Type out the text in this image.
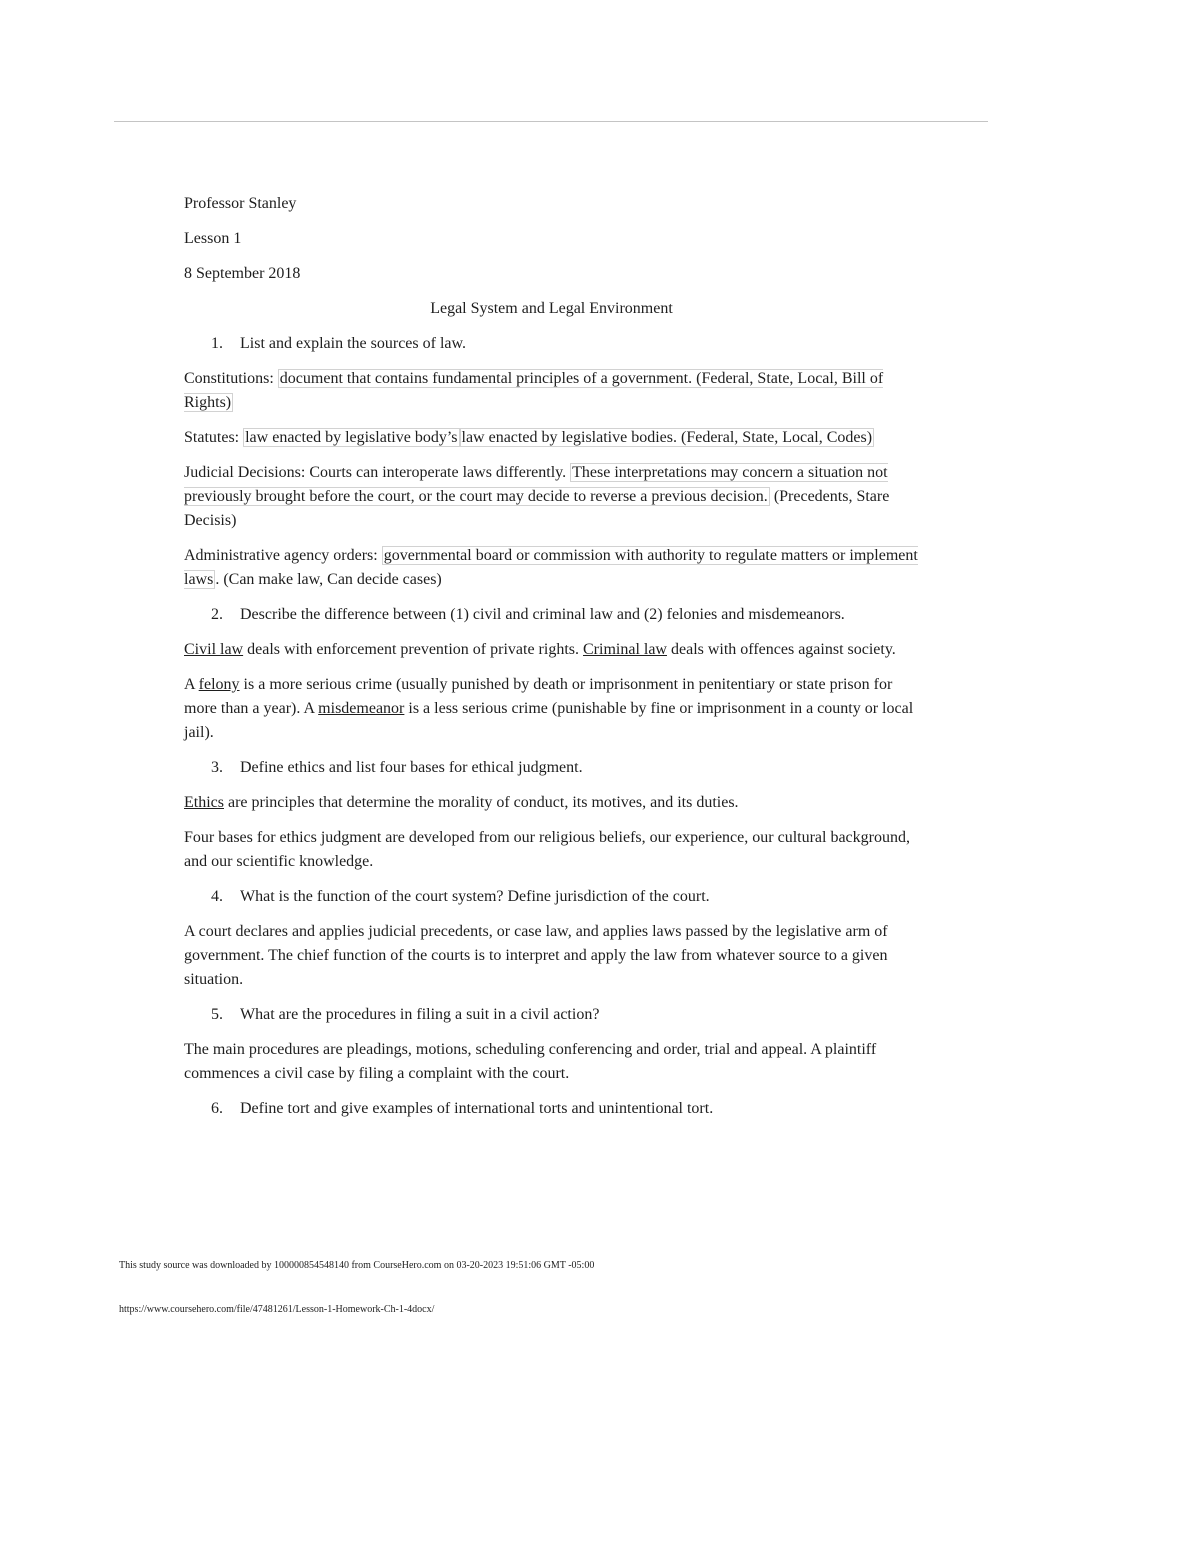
Professor Stanley

Lesson 1

8 September 2018

Legal System and Legal Environment

1.	List and explain the sources of law.

Constitutions: document that contains fundamental principles of a government. (Federal, State, Local, Bill of Rights)

Statutes: law enacted by legislative body’s law enacted by legislative bodies. (Federal, State, Local, Codes)

Judicial Decisions: Courts can interoperate laws differently. These interpretations may concern a situation not previously brought before the court, or the court may decide to reverse a previous decision. (Precedents, Stare Decisis)

Administrative agency orders: governmental board or commission with authority to regulate matters or implement laws . (Can make law, Can decide cases)

2.	Describe the difference between (1) civil and criminal law and (2) felonies and misdemeanors.

Civil law deals with enforcement prevention of private rights. Criminal law deals with offences against society.

A felony is a more serious crime (usually punished by death or imprisonment in penitentiary or state prison for more than a year). A misdemeanor is a less serious crime (punishable by fine or imprisonment in a county or local jail).

3.	Define ethics and list four bases for ethical judgment.

Ethics are principles that determine the morality of conduct, its motives, and its duties.

Four bases for ethics judgment are developed from our religious beliefs, our experience, our cultural background, and our scientific knowledge.

4.	What is the function of the court system? Define jurisdiction of the court.

A court declares and applies judicial precedents, or case law, and applies laws passed by the legislative arm of government. The chief function of the courts is to interpret and apply the law from whatever source to a given situation.

5.	What are the procedures in filing a suit in a civil action?

The main procedures are pleadings, motions, scheduling conferencing and order, trial and appeal. A plaintiff commences a civil case by filing a complaint with the court.

6.	Define tort and give examples of international torts and unintentional tort.
This study source was downloaded by 100000854548140 from CourseHero.com on 03-20-2023 19:51:06 GMT -05:00
https://www.coursehero.com/file/47481261/Lesson-1-Homework-Ch-1-4docx/
